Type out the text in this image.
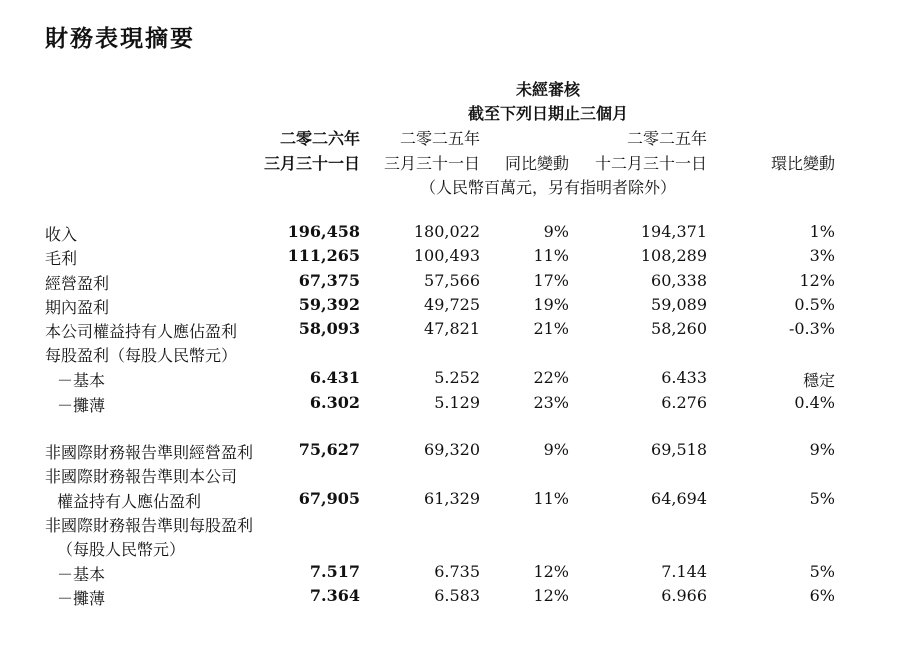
財務表現摘要
未經審核
截至下列日期止三個月
二零二六年
三月三十一日
二零二五年
三月三十一日 同比變動
二零二五年
十二月三十一日	環比變動
（人民幣百萬元，另有指明者除外）
收入	196,458	180,022	9%	194,371	1%
毛利	111,265	100,493	11%	108,289	3%
經營盈利	67,375	57,566	17%	60,338	12%
期內盈利	59,392	49,725	19%	59,089	0.5%
本公司權益持有人應佔盈利	58,093	47,821	21%	58,260	-0.3%
每股盈利（每股人民幣元）
－基本	6.431	5.252	22%	6.433	穩定
－攤薄	6.302	5.129	23%	6.276	0.4%
非國際財務報告準則經營盈利	75,627	69,320	9%	69,518	9%
非國際財務報告準則本公司
權益持有人應佔盈利	67,905	61,329	11%	64,694	5%
非國際財務報告準則每股盈利
（每股人民幣元）
－基本	7.517	6.735	12%	7.144	5%
－攤薄	7.364	6.583	12%	6.966	6%
